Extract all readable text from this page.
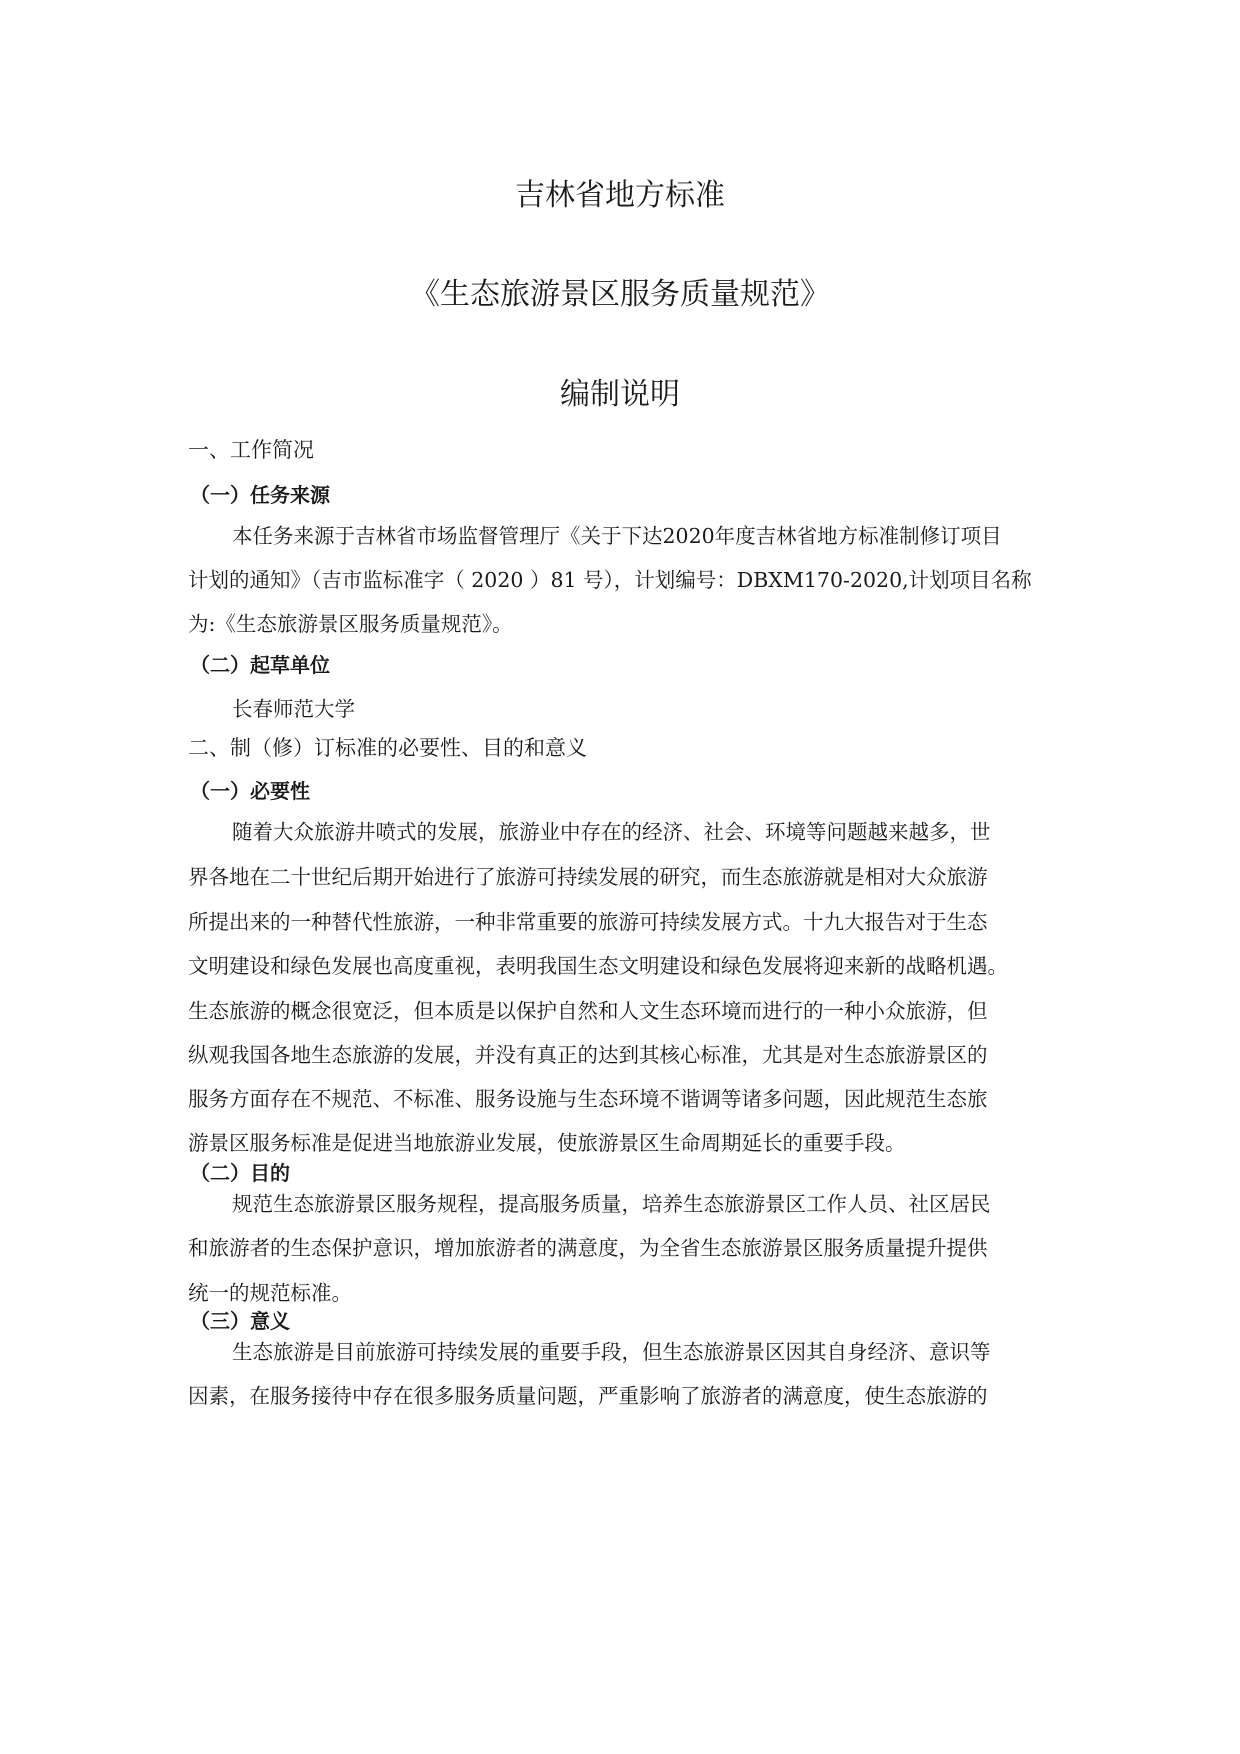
吉林省地方标准
《生态旅游景区服务质量规范》
编制说明
一、工作简况
（一）任务来源

本任务来源于吉林省市场监督管理厅《关于下达2020年度吉林省地方标准制修订项目

计划的通知》（吉市监标准字（ 2020 ）81 号），计划编号：DBXM170-2020,计划项目名称

为:《生态旅游景区服务质量规范》。

（二）起草单位

长春师范大学

二、制（修）订标准的必要性、目的和意义
（一）必要性

随着大众旅游井喷式的发展，旅游业中存在的经济、社会、环境等问题越来越多，世

界各地在二十世纪后期开始进行了旅游可持续发展的研究，而生态旅游就是相对大众旅游

所提出来的一种替代性旅游，一种非常重要的旅游可持续发展方式。十九大报告对于生态

文明建设和绿色发展也高度重视，表明我国生态文明建设和绿色发展将迎来新的战略机遇。

生态旅游的概念很宽泛，但本质是以保护自然和人文生态环境而进行的一种小众旅游，但

纵观我国各地生态旅游的发展，并没有真正的达到其核心标准，尤其是对生态旅游景区的

服务方面存在不规范、不标准、服务设施与生态环境不谐调等诸多问题，因此规范生态旅

游景区服务标准是促进当地旅游业发展，使旅游景区生命周期延长的重要手段。

（二）目的

规范生态旅游景区服务规程，提高服务质量，培养生态旅游景区工作人员、社区居民

和旅游者的生态保护意识，增加旅游者的满意度，为全省生态旅游景区服务质量提升提供

统一的规范标准。

（三）意义

生态旅游是目前旅游可持续发展的重要手段，但生态旅游景区因其自身经济、意识等

因素，在服务接待中存在很多服务质量问题，严重影响了旅游者的满意度，使生态旅游的
